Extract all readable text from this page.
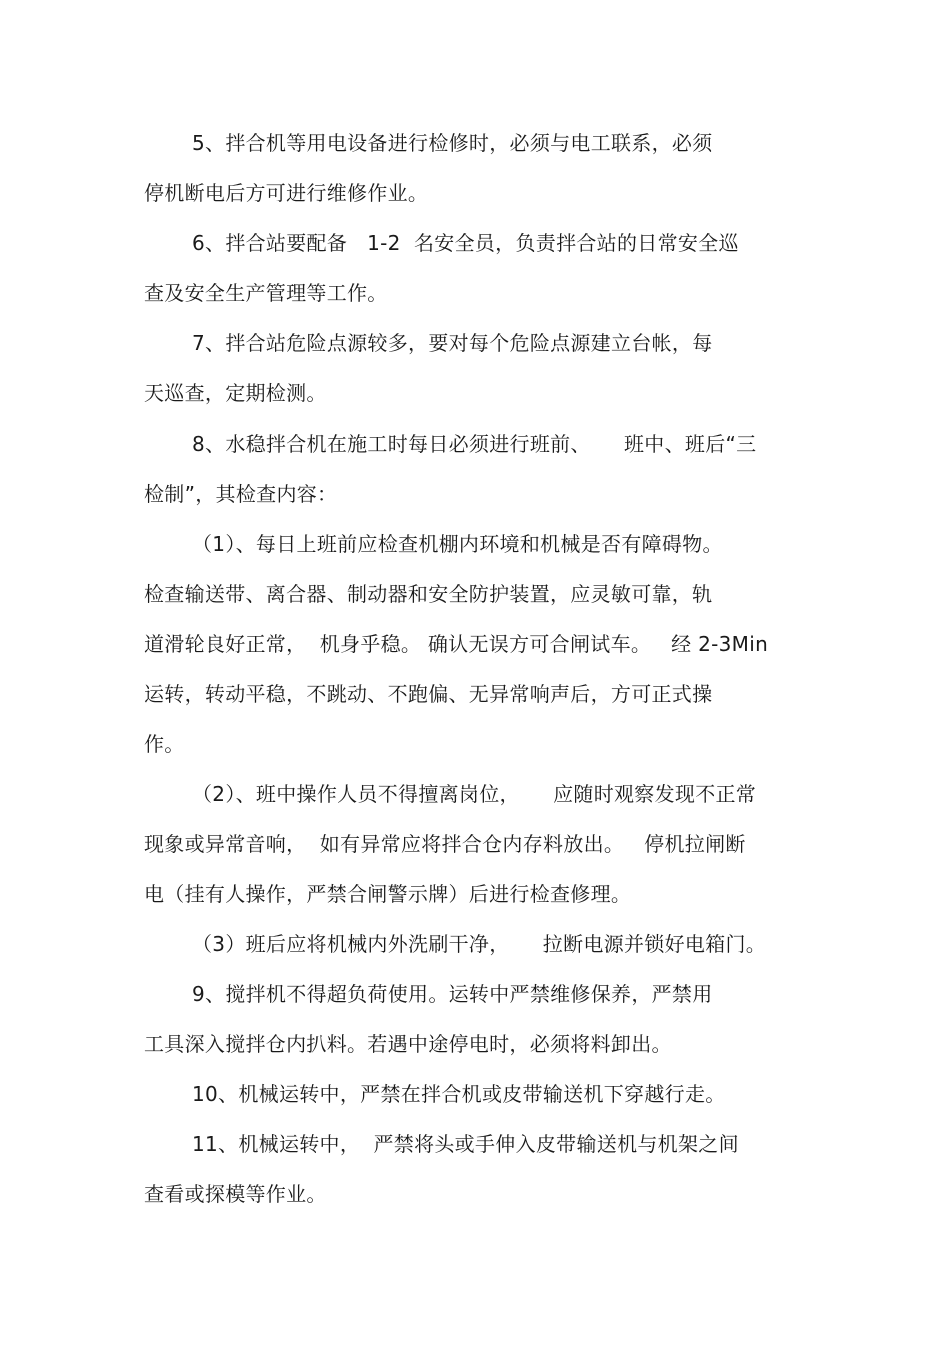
5、拌合机等用电设备进行检修时，必须与电工联系，必须
停机断电后方可进行维修作业。
6、拌合站要配备   1-2  名安全员，负责拌合站的日常安全巡
查及安全生产管理等工作。
7、拌合站危险点源较多，要对每个危险点源建立台帐，每
天巡查，定期检测。
8、水稳拌合机在施工时每日必须进行班前、     班中、班后“三
检制”，其检查内容：
（1）、每日上班前应检查机棚内环境和机械是否有障碍物。
检查输送带、离合器、制动器和安全防护装置，应灵敏可靠，轨
道滑轮良好正常，  机身乎稳。 确认无误方可合闸试车。   经 2-3Min
运转，转动平稳，不跳动、不跑偏、无异常响声后，方可正式操
作。
（2）、班中操作人员不得擅离岗位，     应随时观察发现不正常
现象或异常音响，  如有异常应将拌合仓内存料放出。   停机拉闸断
电（挂有人操作，严禁合闸警示牌）后进行检查修理。
（3）班后应将机械内外洗刷干净，     拉断电源并锁好电箱门。
9、搅拌机不得超负荷使用。运转中严禁维修保养，严禁用
工具深入搅拌仓内扒料。若遇中途停电时，必须将料卸出。
10、机械运转中，严禁在拌合机或皮带输送机下穿越行走。
11、机械运转中，  严禁将头或手伸入皮带输送机与机架之间
查看或探模等作业。
